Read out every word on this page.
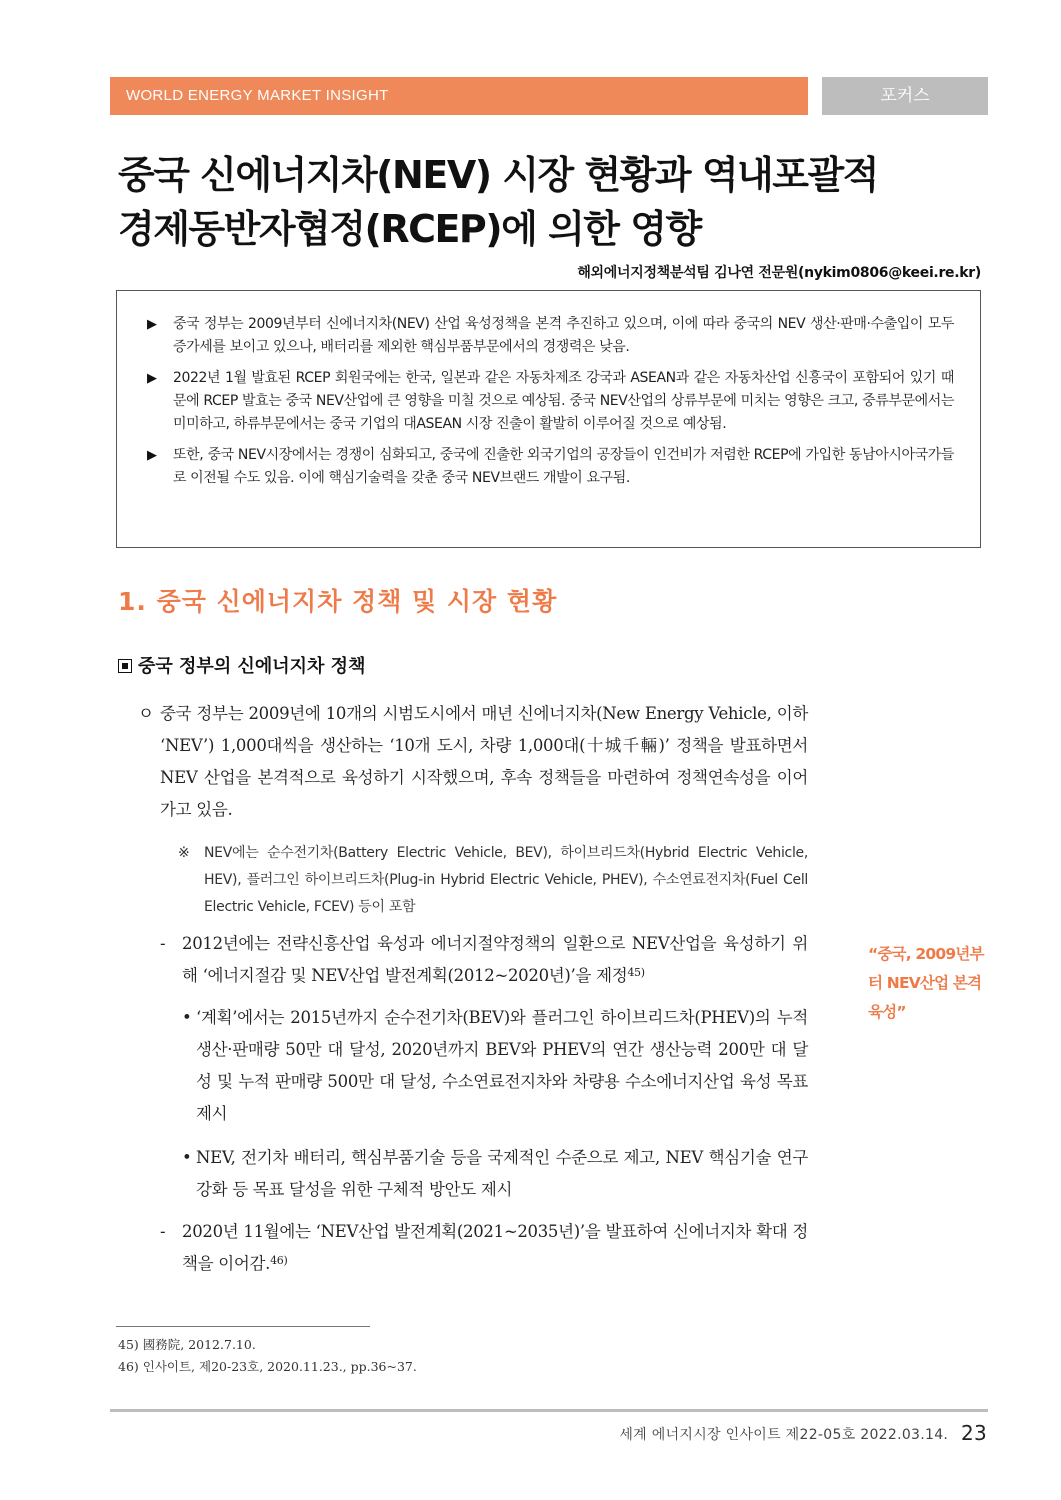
WORLD ENERGY MARKET INSIGHT	포커스
중국 신에너지차(NEV) 시장 현황과 역내포괄적
경제동반자협정(RCEP)에 의한 영향
해외에너지정책분석팀 김나연 전문원(nykim0806@keei.re.kr)
▶ 중국 정부는 2009년부터 신에너지차(NEV) 산업 육성정책을 본격 추진하고 있으며, 이에 따라 중국의 NEV 생산·판매·수출입이 모두 증가세를 보이고 있으나, 배터리를 제외한 핵심부품부문에서의 경쟁력은 낮음.
▶ 2022년 1월 발효된 RCEP 회원국에는 한국, 일본과 같은 자동차제조 강국과 ASEAN과 같은 자동차산업 신흥국이 포함되어 있기 때문에 RCEP 발효는 중국 NEV산업에 큰 영향을 미칠 것으로 예상됨. 중국 NEV산업의 상류부문에 미치는 영향은 크고, 중류부문에서는 미미하고, 하류부문에서는 중국 기업의 대ASEAN 시장 진출이 활발히 이루어질 것으로 예상됨.
▶ 또한, 중국 NEV시장에서는 경쟁이 심화되고, 중국에 진출한 외국기업의 공장들이 인건비가 저렴한 RCEP에 가입한 동남아시아국가들로 이전될 수도 있음. 이에 핵심기술력을 갖춘 중국 NEV브랜드 개발이 요구됨.
1. 중국 신에너지차 정책 및 시장 현황
중국 정부의 신에너지차 정책

ㅇ 중국 정부는 2009년에 10개의 시범도시에서 매년 신에너지차(New Energy Vehicle, 이하 ‘NEV’) 1,000대씩을 생산하는 ‘10개 도시, 차량 1,000대(十城千輛)’ 정책을 발표하면서 NEV 산업을 본격적으로 육성하기 시작했으며, 후속 정책들을 마련하여 정책연속성을 이어가고 있음.

※ NEV에는 순수전기차(Battery Electric Vehicle, BEV), 하이브리드차(Hybrid Electric Vehicle, HEV), 플러그인 하이브리드차(Plug-in Hybrid Electric Vehicle, PHEV), 수소연료전지차(Fuel Cell Electric Vehicle, FCEV) 등이 포함

- 2012년에는 전략신흥산업 육성과 에너지절약정책의 일환으로 NEV산업을 육성하기 위해 ‘에너지절감 및 NEV산업 발전계획(2012~2020년)’을 제정$^{45)}$

• ‘계획’에서는 2015년까지 순수전기차(BEV)와 플러그인 하이브리드차(PHEV)의 누적 생산·판매량 50만 대 달성, 2020년까지 BEV와 PHEV의 연간 생산능력 200만 대 달성 및 누적 판매량 500만 대 달성, 수소연료전지차와 차량용 수소에너지산업 육성 목표 제시

• NEV, 전기차 배터리, 핵심부품기술 등을 국제적인 수준으로 제고, NEV 핵심기술 연구 강화 등 목표 달성을 위한 구체적 방안도 제시

- 2020년 11월에는 ‘NEV산업 발전계획(2021~2035년)’을 발표하여 신에너지차 확대 정책을 이어감.$^{46)}$

“중국, 2009년부터 NEV산업 본격 육성”

45) 國務院, 2012.7.10.
46) 인사이트, 제20-23호, 2020.11.23., pp.36~37.
세계 에너지시장 인사이트 제22-05호 2022.03.14. 23
